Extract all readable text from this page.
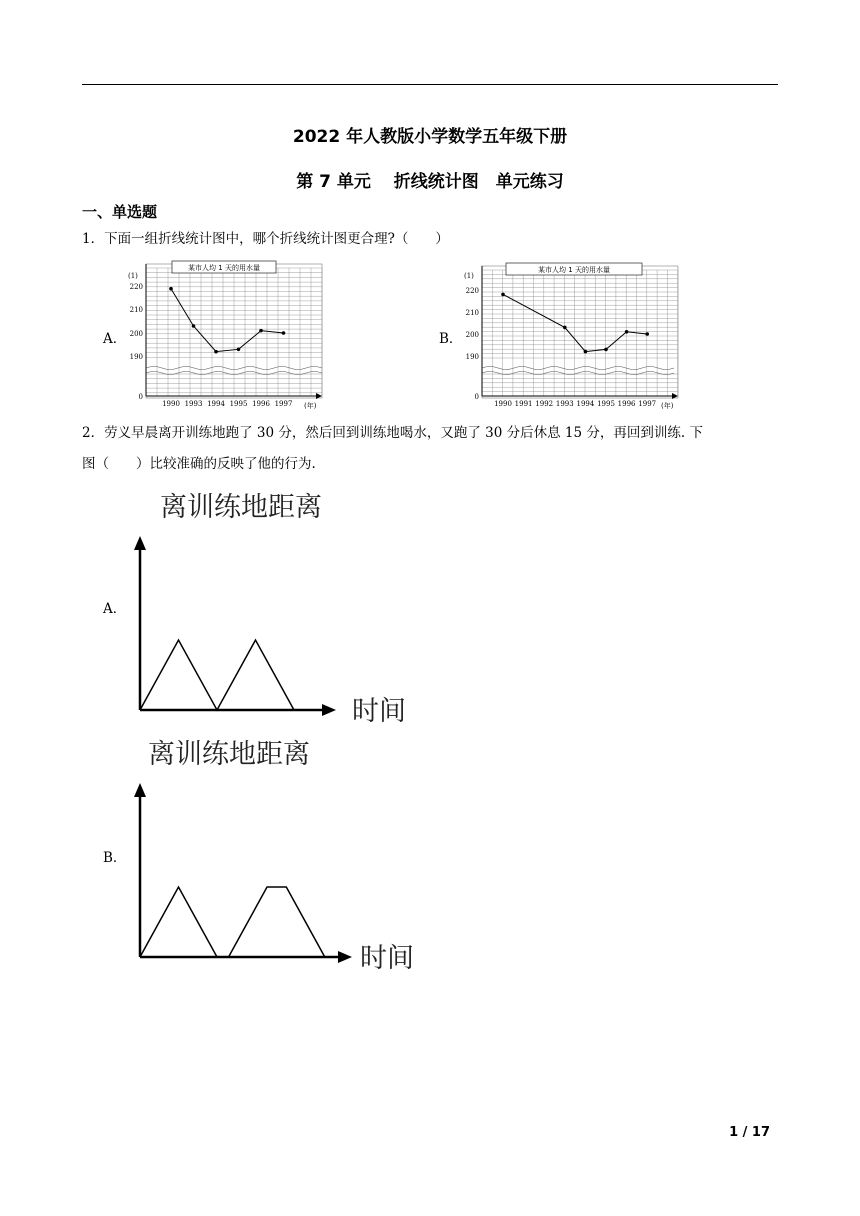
2022 年人教版小学数学五年级下册
第 7 单元　 折线统计图　单元练习
一、单选题
1．下面一组折线统计图中，哪个折线统计图更合理?（　　）
A．	B．
某市人均 1 天的用水量
(1)
(年)
220
210
200
190
0
1990 1993 1994 1995 1996 1997
某市人均 1 天的用水量
(1)
(年)
220
210
200
190
0
1990 1991 1992 1993 1994 1995 1996 1997
2．劳义早晨离开训练地跑了 30 分，然后回到训练地喝水，又跑了 30 分后休息 15 分，再回到训练. 下
图（　　）比较准确的反映了他的行为.
A．
B．
离训练地距离
时间
离训练地距离
时间
1 / 17
